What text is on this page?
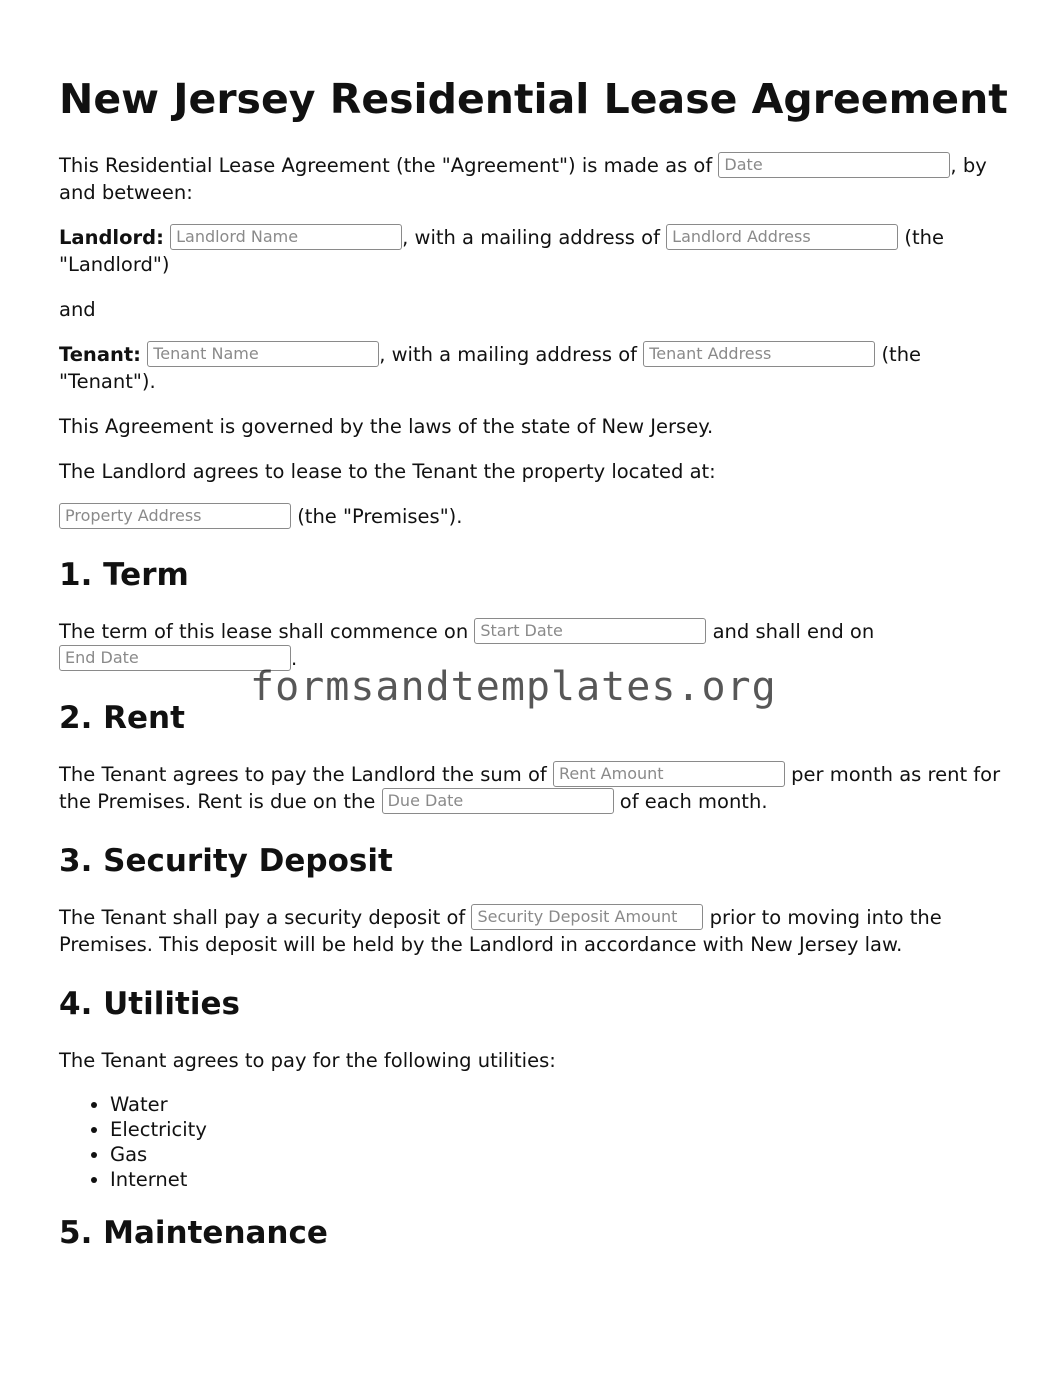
New Jersey Residential Lease Agreement

This Residential Lease Agreement (the "Agreement") is made as of Date	, by and between:

Landlord: Landlord Name	, with a mailing address of Landlord Address	(the "Landlord")

and

Tenant: Tenant Name	, with a mailing address of Tenant Address	(the "Tenant").

This Agreement is governed by the laws of the state of New Jersey.

The Landlord agrees to lease to the Tenant the property located at:

Property Address (the "Premises").

1. Term

The term of this lease shall commence on Start Date	and shall end on End Date.

2. Rent

The Tenant agrees to pay the Landlord the sum of Rent Amount	per month as rent for the Premises. Rent is due on the Due Date	of each month.

3. Security Deposit

The Tenant shall pay a security deposit of Security Deposit Amount	prior to moving into the Premises. This deposit will be held by the Landlord in accordance with New Jersey law.

4. Utilities

The Tenant agrees to pay for the following utilities:

• Water
• Electricity
• Gas
• Internet
5. Maintenance
formsandtemplates.org
